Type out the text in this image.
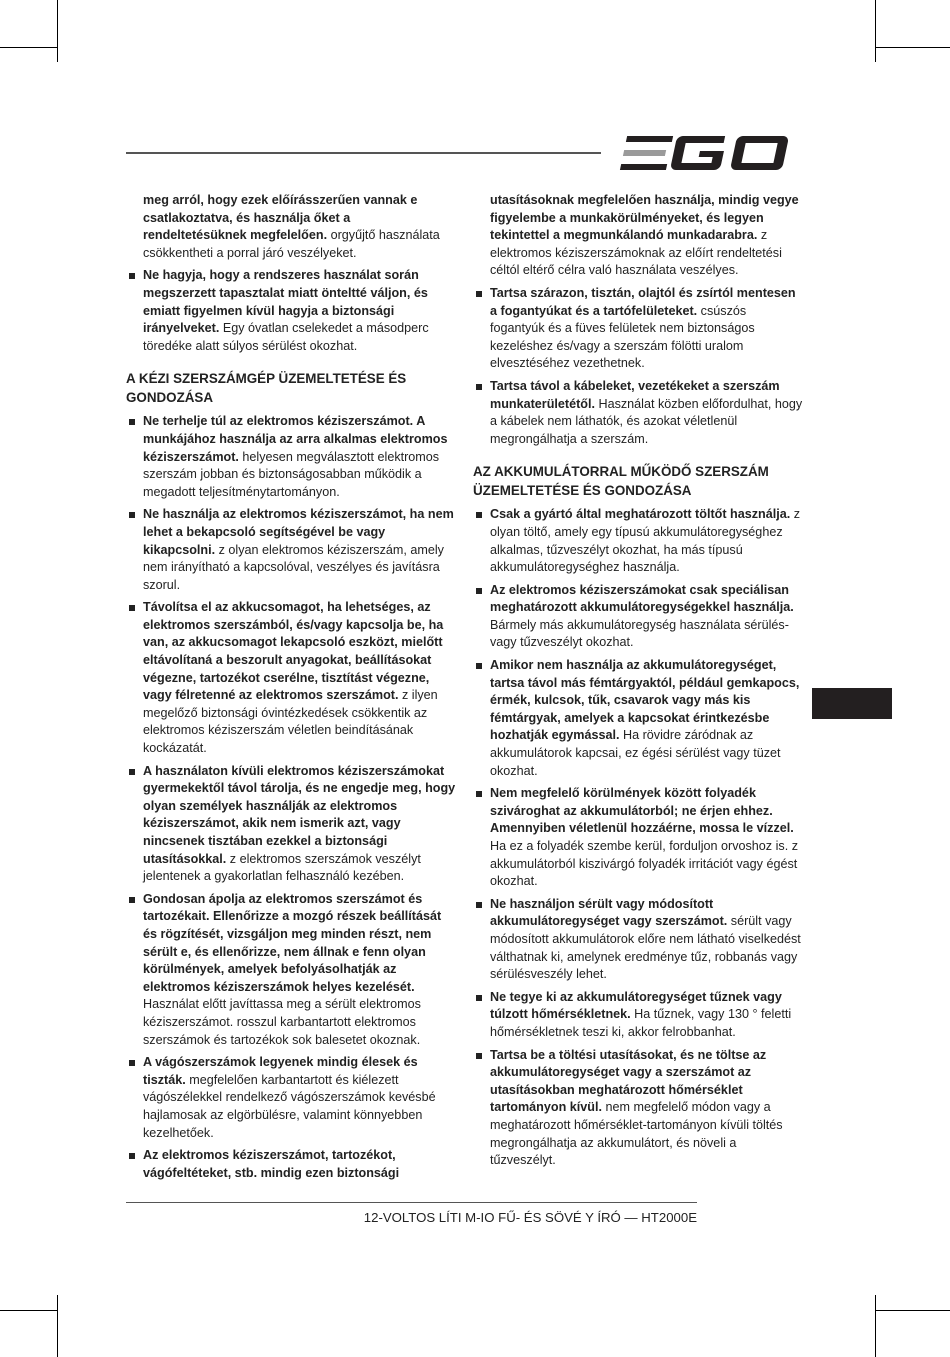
meg arról, hogy ezek előírásszerűen vannak e csatlakoztatva, és használja őket a rendeltetésüknek megfelelően. orgyűjtő használata csökkentheti a porral járó veszélyeket.

Ne hagyja, hogy a rendszeres használat során megszerzett tapasztalat miatt önteltté váljon, és emiatt figyelmen kívül hagyja a biztonsági irányelveket. Egy óvatlan cselekedet a másodperc töredéke alatt súlyos sérülést okozhat.

A KÉZI SZERSZÁMGÉP ÜZEMELTETÉSE ÉS GONDOZÁSA

Ne terhelje túl az elektromos kéziszerszámot. A munkájához használja az arra alkalmas elektromos kéziszerszámot. helyesen megválasztott elektromos szerszám jobban és biztonságosabban működik a megadott teljesítménytartományon.
Ne használja az elektromos kéziszerszámot, ha nem lehet a bekapcsoló segítségével be vagy kikapcsolni. z olyan elektromos kéziszerszám, amely nem irányítható a kapcsolóval, veszélyes és javításra szorul.
Távolítsa el az akkucsomagot, ha lehetséges, az elektromos szerszámból, és/vagy kapcsolja be, ha van, az akkucsomagot lekapcsoló eszközt, mielőtt eltávolítaná a beszorult anyagokat, beállításokat végezne, tartozékot cserélne, tisztítást végezne, vagy félretenné az elektromos szerszámot. z ilyen megelőző biztonsági óvintézkedések csökkentik az elektromos kéziszerszám véletlen beindításának kockázatát.
A használaton kívüli elektromos kéziszerszámokat gyermekektől távol tárolja, és ne engedje meg, hogy olyan személyek használják az elektromos kéziszerszámot, akik nem ismerik azt, vagy nincsenek tisztában ezekkel a biztonsági utasításokkal. z elektromos szerszámok veszélyt jelentenek a gyakorlatlan felhasználó kezében.
Gondosan ápolja az elektromos szerszámot és tartozékait. Ellenőrizze a mozgó részek beállítását és rögzítését, vizsgáljon meg minden részt, nem sérült e, és ellenőrizze, nem állnak e fenn olyan körülmények, amelyek befolyásolhatják az elektromos kéziszerszámok helyes kezelését. Használat előtt javíttassa meg a sérült elektromos kéziszerszámot. rosszul karbantartott elektromos szerszámok és tartozékok sok balesetet okoznak.
A vágószerszámok legyenek mindig élesek és tiszták. megfelelően karbantartott és kiélezett vágószélekkel rendelkező vágószerszámok kevésbé hajlamosak az elgörbülésre, valamint könnyebben kezelhetőek.
Az elektromos kéziszerszámot, tartozékot, vágófeltéteket, stb. mindig ezen biztonsági

utasításoknak megfelelően használja, mindig vegye figyelembe a munkakörülményeket, és legyen tekintettel a megmunkálandó munkadarabra. z elektromos kéziszerszámoknak az előírt rendeltetési céltól eltérő célra való használata veszélyes.

Tartsa szárazon, tisztán, olajtól és zsírtól mentesen a fogantyúkat és a tartófelületeket. csúszós fogantyúk és a füves felületek nem biztonságos kezeléshez és/vagy a szerszám fölötti uralom elvesztéséhez vezethetnek.
Tartsa távol a kábeleket, vezetékeket a szerszám munkaterületétől. Használat közben előfordulhat, hogy a kábelek nem láthatók, és azokat véletlenül megrongálhatja a szerszám.

AZ AKKUMULÁTORRAL MŰKÖDŐ SZERSZÁM ÜZEMELTETÉSE ÉS GONDOZÁSA

Csak a gyártó által meghatározott töltőt használja. z olyan töltő, amely egy típusú akkumulátoregységhez alkalmas, tűzveszélyt okozhat, ha más típusú akkumulátoregységhez használja.
Az elektromos kéziszerszámokat csak speciálisan meghatározott akkumulátoregységekkel használja. Bármely más akkumulátoregység használata sérülés- vagy tűzveszélyt okozhat.
Amikor nem használja az akkumulátoregységet, tartsa távol más fémtárgyaktól, például gemkapocs, érmék, kulcsok, tűk, csavarok vagy más kis fémtárgyak, amelyek a kapcsokat érintkezésbe hozhatják egymással. Ha rövidre záródnak az akkumulátorok kapcsai, ez égési sérülést vagy tüzet okozhat.
Nem megfelelő körülmények között folyadék szivároghat az akkumulátorból; ne érjen ehhez. Amennyiben véletlenül hozzáérne, mossa le vízzel. Ha ez a folyadék szembe kerül, forduljon orvoshoz is. z akkumulátorból kiszivárgó folyadék irritációt vagy égést okozhat.
Ne használjon sérült vagy módosított akkumulátoregységet vagy szerszámot. sérült vagy módosított akkumulátorok előre nem látható viselkedést válthatnak ki, amelynek eredménye tűz, robbanás vagy sérülésveszély lehet.
Ne tegye ki az akkumulátoregységet tűznek vagy túlzott hőmérsékletnek. Ha tűznek, vagy 130 ° feletti hőmérsékletnek teszi ki, akkor felrobbanhat.
Tartsa be a töltési utasításokat, és ne töltse az akkumulátoregységet vagy a szerszámot az utasításokban meghatározott hőmérséklet tartományon kívül. nem megfelelő módon vagy a meghatározott hőmérséklet-tartományon kívüli töltés megrongálhatja az akkumulátort, és növeli a tűzveszélyt.
12-VOLTOS LÍTI M-IO FŰ- ÉS SÖVÉ Y ÍRÓ — HT2000E
